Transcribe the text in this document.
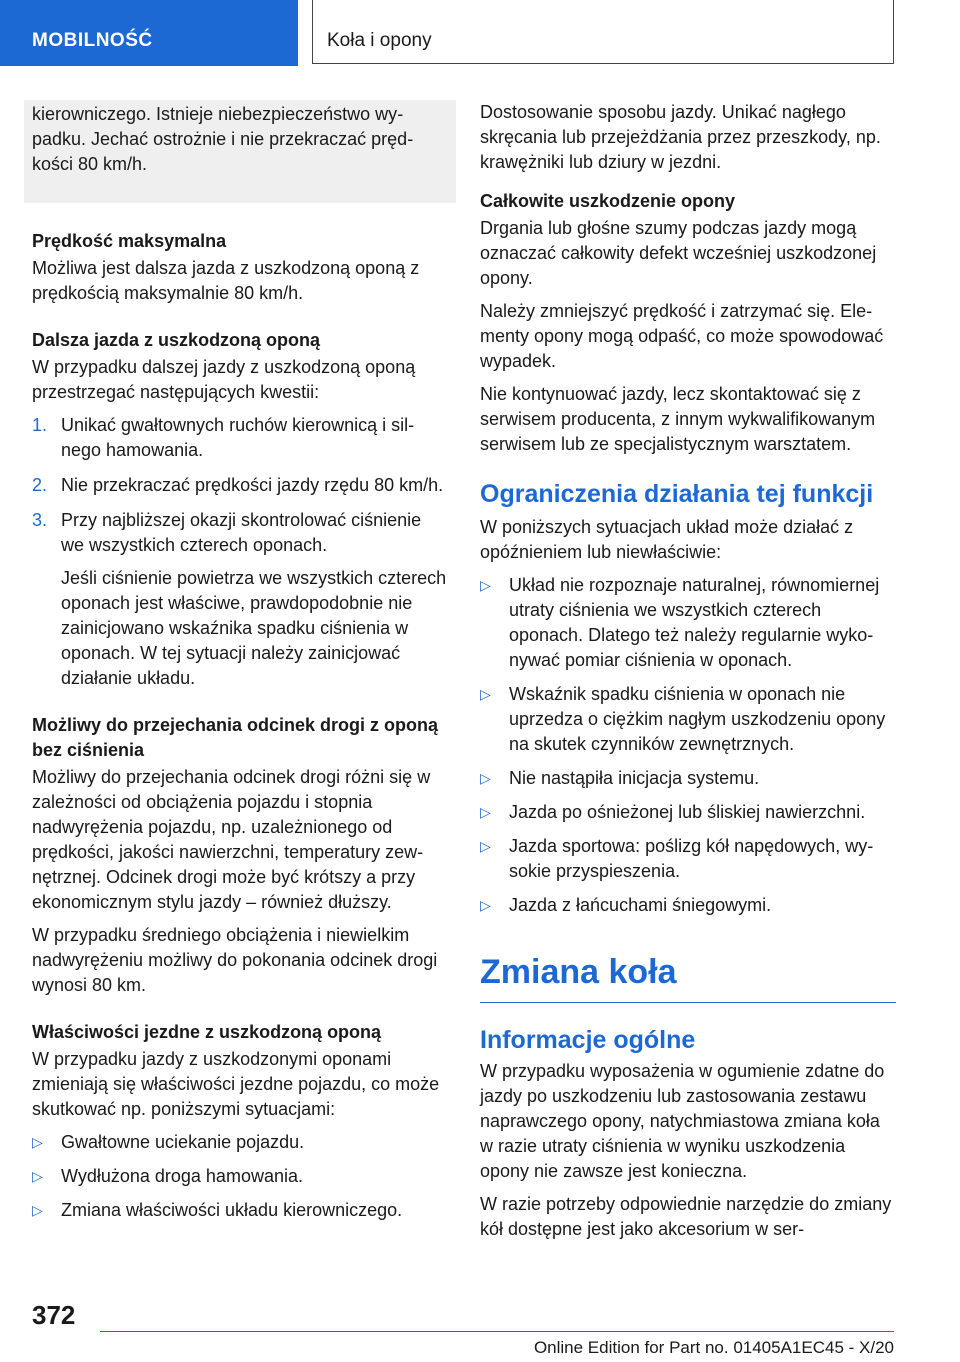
MOBILNOŚĆ	Koła i opony

kierowniczego. Istnieje niebezpieczeństwo wypadku. Jechać ostrożnie i nie przekraczać prędkości 80 km/h.

Prędkość maksymalna

Możliwa jest dalsza jazda z uszkodzoną oponą z prędkością maksymalnie 80 km/h.

Dalsza jazda z uszkodzoną oponą

W przypadku dalszej jazdy z uszkodzoną oponą przestrzegać następujących kwestii:

1. Unikać gwałtownych ruchów kierownicą i silnego hamowania.
2. Nie przekraczać prędkości jazdy rzędu 80 km/h.
3. Przy najbliższej okazji skontrolować ciśnienie we wszystkich czterech oponach.

Jeśli ciśnienie powietrza we wszystkich czterech oponach jest właściwe, prawdopodobnie nie zainicjowano wskaźnika spadku ciśnienia w oponach. W tej sytuacji należy zainicjować działanie układu.

Możliwy do przejechania odcinek drogi z oponą bez ciśnienia

Możliwy do przejechania odcinek drogi różni się w zależności od obciążenia pojazdu i stopnia nadwyrężenia pojazdu, np. uzależnionego od prędkości, jakości nawierzchni, temperatury zewnętrznej. Odcinek drogi może być krótszy a przy ekonomicznym stylu jazdy – również dłuższy.

W przypadku średniego obciążenia i niewielkim nadwyrężeniu możliwy do pokonania odcinek drogi wynosi 80 km.

Właściwości jezdne z uszkodzoną oponą

W przypadku jazdy z uszkodzonymi oponami zmieniają się właściwości jezdne pojazdu, co może skutkować np. poniższymi sytuacjami:

▷ Gwałtowne uciekanie pojazdu.
▷ Wydłużona droga hamowania.
▷ Zmiana właściwości układu kierowniczego.

Dostosowanie sposobu jazdy. Unikać nagłego skręcania lub przejeżdżania przez przeszkody, np. krawężniki lub dziury w jezdni.

Całkowite uszkodzenie opony

Drgania lub głośne szumy podczas jazdy mogą oznaczać całkowity defekt wcześniej uszkodzonej opony.

Należy zmniejszyć prędkość i zatrzymać się. Elementy opony mogą odpaść, co może spowodować wypadek.

Nie kontynuować jazdy, lecz skontaktować się z serwisem producenta, z innym wykwalifikowanym serwisem lub ze specjalistycznym warsztatem.

Ograniczenia działania tej funkcji

W poniższych sytuacjach układ może działać z opóźnieniem lub niewłaściwie:

▷ Układ nie rozpoznaje naturalnej, równomiernej utraty ciśnienia we wszystkich czterech oponach. Dlatego też należy regularnie wykonywać pomiar ciśnienia w oponach.
▷ Wskaźnik spadku ciśnienia w oponach nie uprzedza o ciężkim nagłym uszkodzeniu opony na skutek czynników zewnętrznych.
▷ Nie nastąpiła inicjacja systemu.
▷ Jazda po ośnieżonej lub śliskiej nawierzchni.
▷ Jazda sportowa: poślizg kół napędowych, wysokie przyspieszenia.
▷ Jazda z łańcuchami śniegowymi.
Zmiana koła
Informacje ogólne

W przypadku wyposażenia w ogumienie zdatne do jazdy po uszkodzeniu lub zastosowania zestawu naprawczego opony, natychmiastowa zmiana koła w razie utraty ciśnienia w wyniku uszkodzenia opony nie zawsze jest konieczna.

W razie potrzeby odpowiednie narzędzie do zmiany kół dostępne jest jako akcesorium w ser-

372
Online Edition for Part no. 01405A1EC45 - X/20
